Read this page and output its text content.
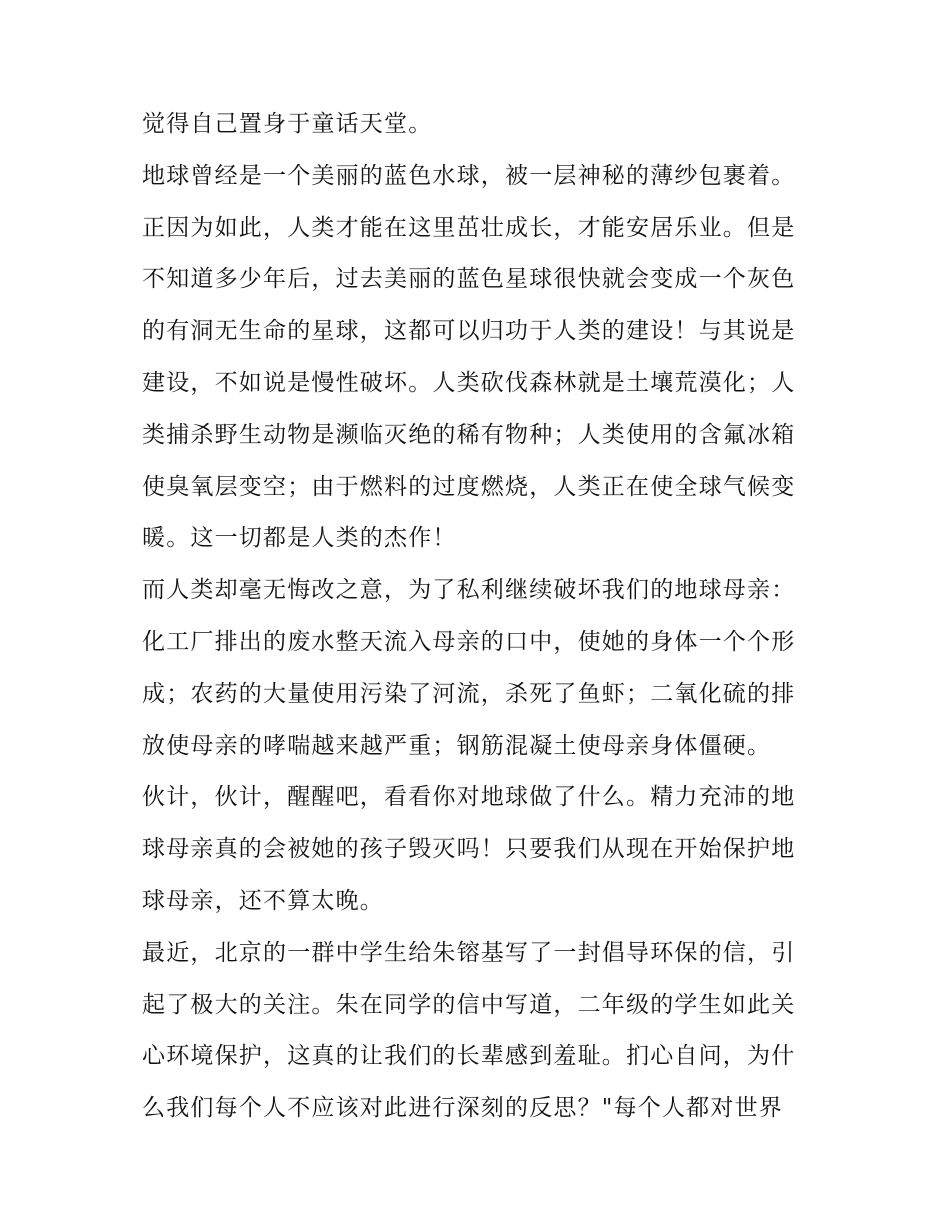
觉得自己置身于童话天堂。
地球曾经是一个美丽的蓝色水球，被一层神秘的薄纱包裹着。
正因为如此，人类才能在这里茁壮成长，才能安居乐业。但是
不知道多少年后，过去美丽的蓝色星球很快就会变成一个灰色
的有洞无生命的星球，这都可以归功于人类的建设！与其说是
建设，不如说是慢性破坏。人类砍伐森林就是土壤荒漠化；人
类捕杀野生动物是濒临灭绝的稀有物种；人类使用的含氟冰箱
使臭氧层变空；由于燃料的过度燃烧，人类正在使全球气候变
暖。这一切都是人类的杰作！
而人类却毫无悔改之意，为了私利继续破坏我们的地球母亲：
化工厂排出的废水整天流入母亲的口中，使她的身体一个个形
成；农药的大量使用污染了河流，杀死了鱼虾；二氧化硫的排
放使母亲的哮喘越来越严重；钢筋混凝土使母亲身体僵硬。
伙计，伙计，醒醒吧，看看你对地球做了什么。精力充沛的地
球母亲真的会被她的孩子毁灭吗！只要我们从现在开始保护地
球母亲，还不算太晚。
最近，北京的一群中学生给朱镕基写了一封倡导环保的信，引
起了极大的关注。朱在同学的信中写道，二年级的学生如此关
心环境保护，这真的让我们的长辈感到羞耻。扪心自问，为什
么我们每个人不应该对此进行深刻的反思？"每个人都对世界
